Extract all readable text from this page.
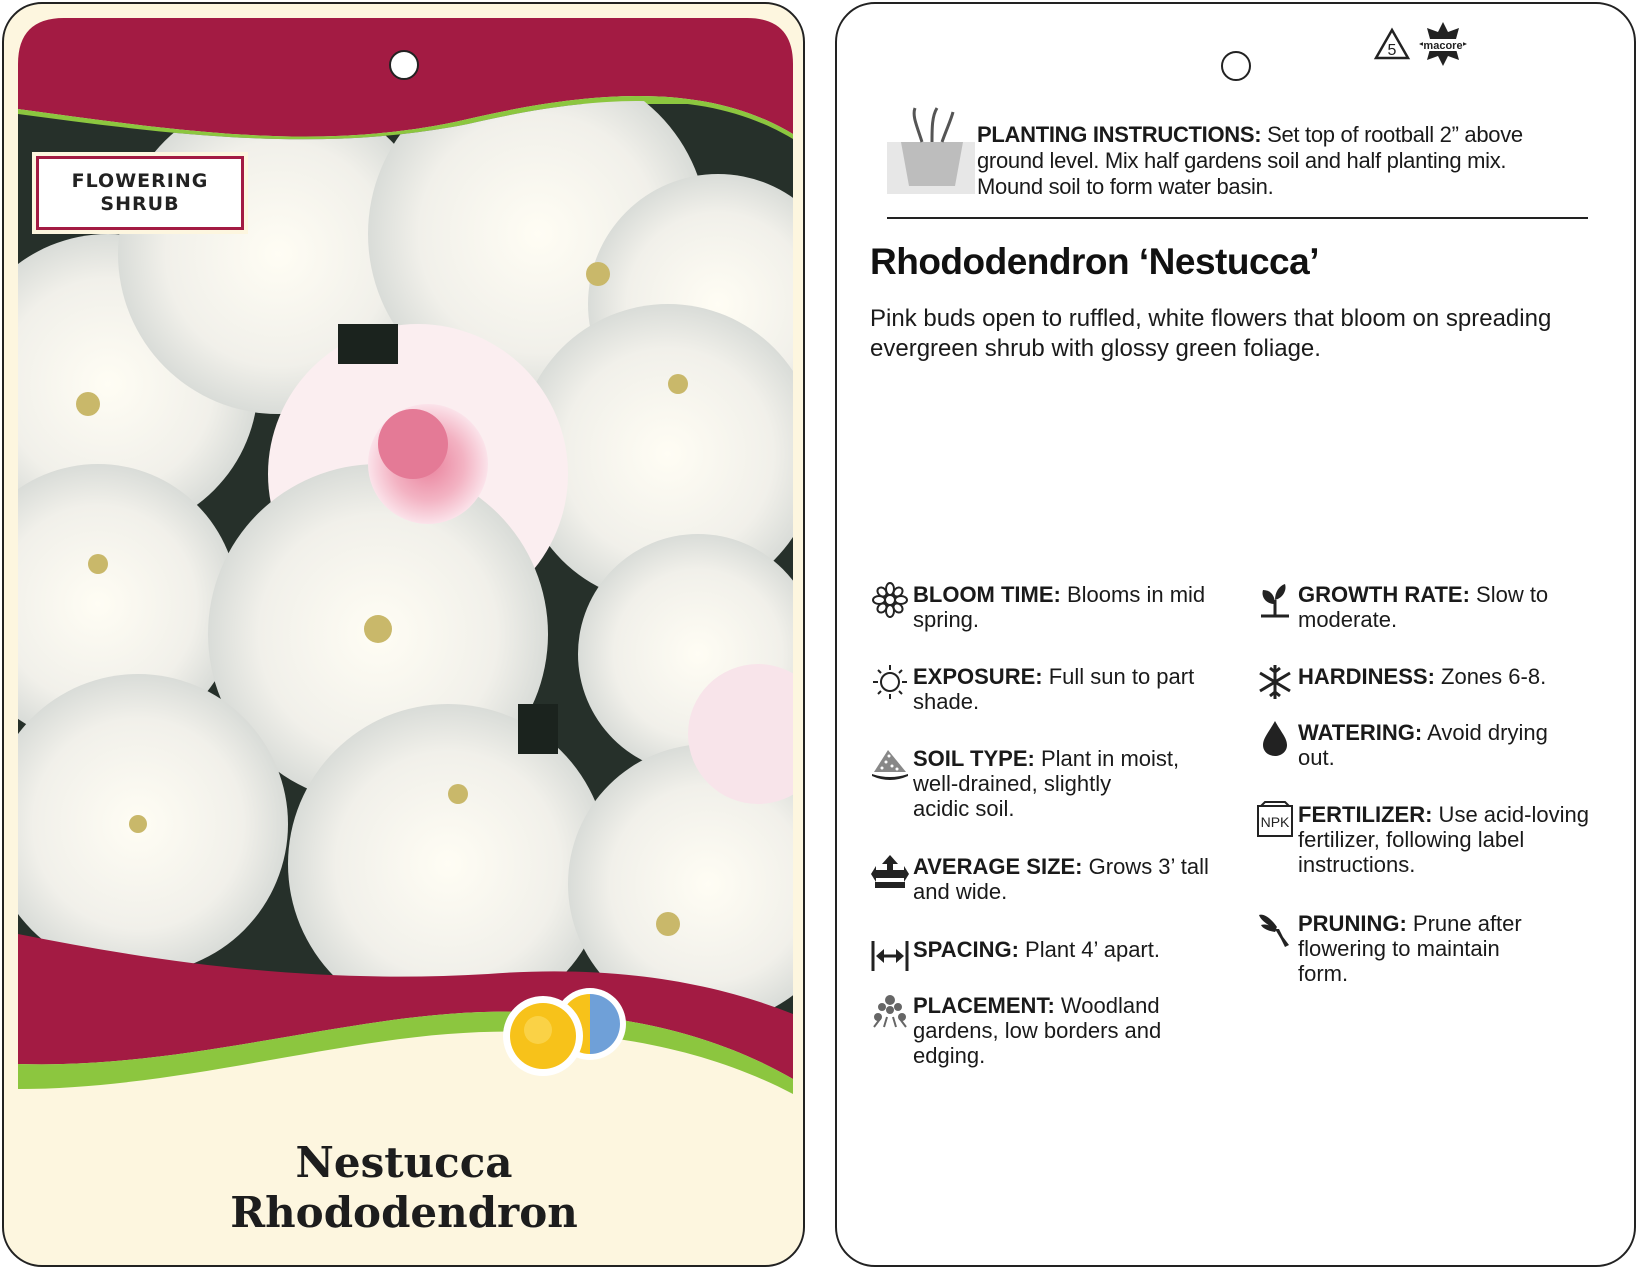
FLOWERING
SHRUB
Nestucca
Rhododendron
5 macore
PLANTING INSTRUCTIONS: Set top of rootball 2” above
ground level. Mix half gardens soil and half planting mix.
Mound soil to form water basin.
Rhododendron ‘Nestucca’
Pink buds open to ruffled, white flowers that bloom on spreading
evergreen shrub with glossy green foliage.
BLOOM TIME: Blooms in mid
spring.
EXPOSURE: Full sun to part
shade.
SOIL TYPE: Plant in moist,
well-drained, slightly
acidic soil.
AVERAGE SIZE: Grows 3’ tall
and wide.
SPACING: Plant 4’ apart.
PLACEMENT: Woodland
gardens, low borders and
edging.
GROWTH RATE: Slow to
moderate.
HARDINESS: Zones 6-8.
WATERING: Avoid drying
out.
NPK FERTILIZER: Use acid-loving
fertilizer, following label
instructions.
PRUNING: Prune after
flowering to maintain
form.
